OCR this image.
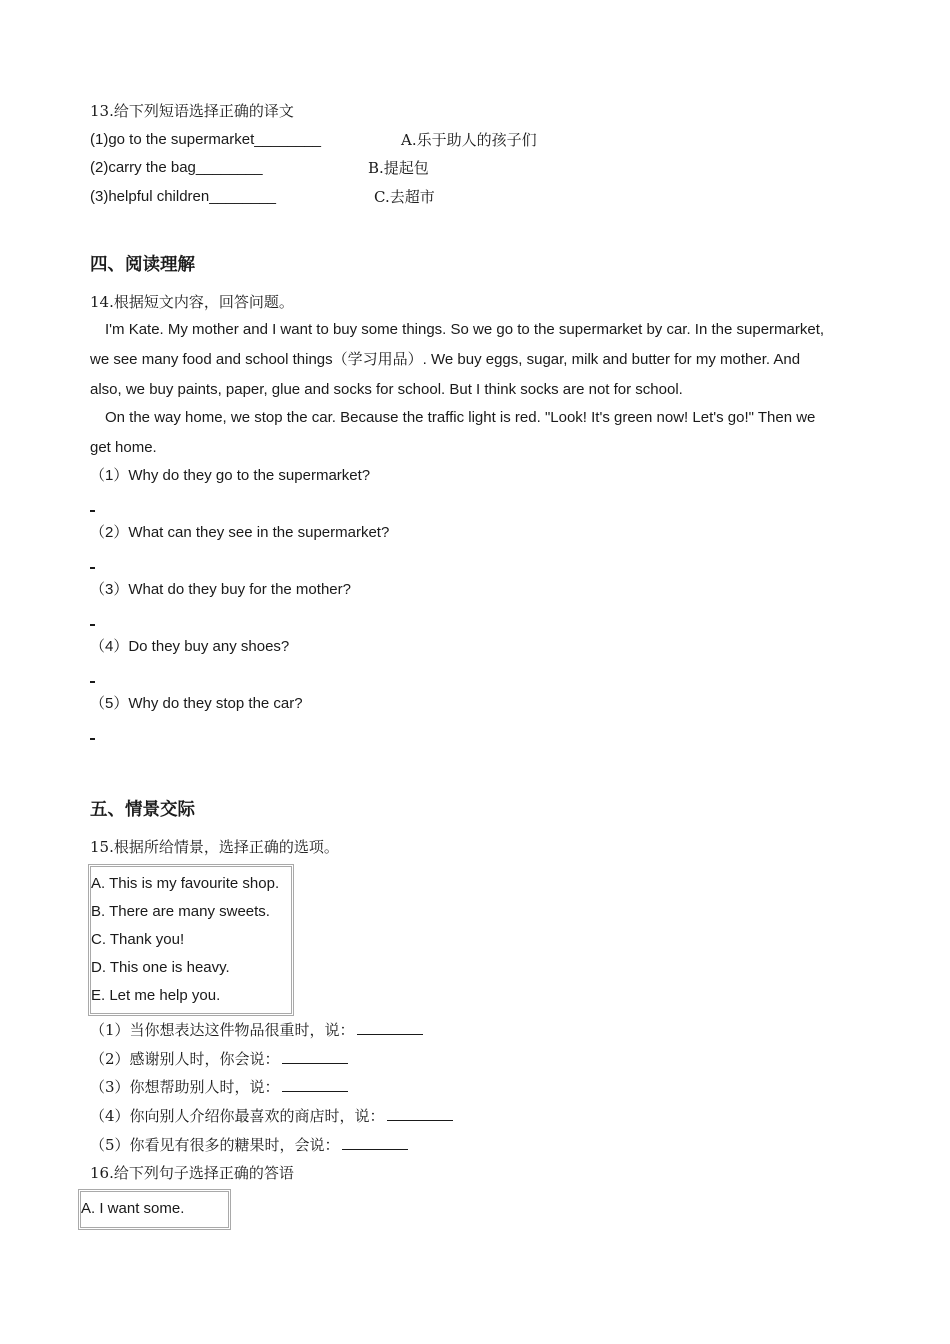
13.给下列短语选择正确的译文
(1)go to the supermarket________	A.乐于助人的孩子们
(2)carry the bag________	B.提起包
(3)helpful children________	C.去超市
四、阅读理解
14.根据短文内容，回答问题。
I'm Kate. My mother and I want to buy some things. So we go to the supermarket by car. In the supermarket,
we see many food and school things（学习用品）. We buy eggs, sugar, milk and butter for my mother. And
also, we buy paints, paper, glue and socks for school. But I think socks are not for school.
On the way home, we stop the car. Because the traffic light is red. "Look! It's green now! Let's go!" Then we
get home.
（1）Why do they go to the supermarket?
（2）What can they see in the supermarket?
（3）What do they buy for the mother?
（4）Do they buy any shoes?
（5）Why do they stop the car?
五、情景交际
15.根据所给情景，选择正确的选项。
A. This is my favourite shop.
B. There are many sweets.
C. Thank you!
D. This one is heavy.
E. Let me help you.
（1）当你想表达这件物品很重时，说：
（2）感谢别人时，你会说：
（3）你想帮助别人时，说：
（4）你向别人介绍你最喜欢的商店时，说：
（5）你看见有很多的糖果时，会说：
16.给下列句子选择正确的答语
A. I want some.
